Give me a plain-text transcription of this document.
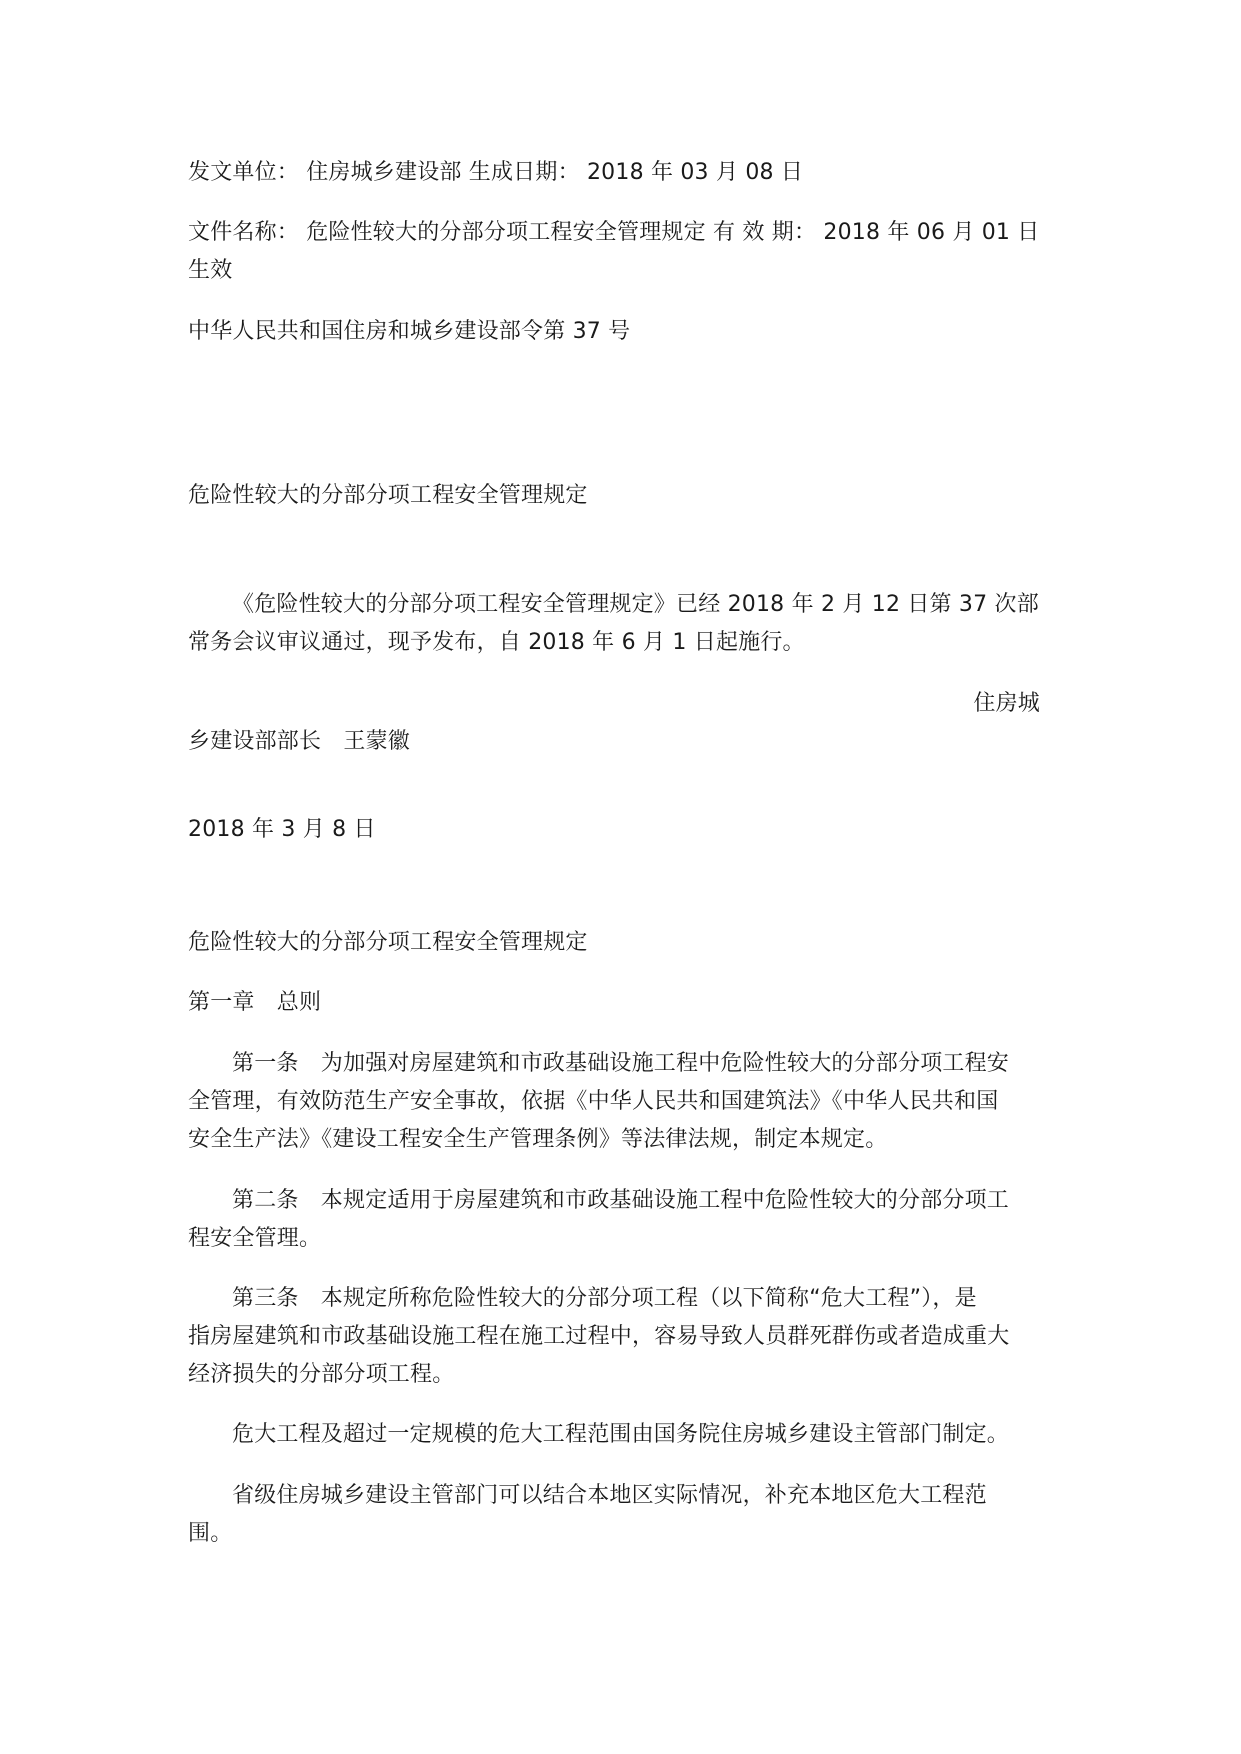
发文单位： 住房城乡建设部 生成日期： 2018 年 03 月 08 日
文件名称： 危险性较大的分部分项工程安全管理规定 有 效 期： 2018 年 06 月 01 日
生效
中华人民共和国住房和城乡建设部令第 37 号
危险性较大的分部分项工程安全管理规定
《危险性较大的分部分项工程安全管理规定》已经 2018 年 2 月 12 日第 37 次部
常务会议审议通过，现予发布，自 2018 年 6 月 1 日起施行。
住房城
乡建设部部长　王蒙徽
2018 年 3 月 8 日
危险性较大的分部分项工程安全管理规定
第一章　总则
第一条　为加强对房屋建筑和市政基础设施工程中危险性较大的分部分项工程安
全管理，有效防范生产安全事故，依据《中华人民共和国建筑法》《中华人民共和国
安全生产法》《建设工程安全生产管理条例》等法律法规，制定本规定。
第二条　本规定适用于房屋建筑和市政基础设施工程中危险性较大的分部分项工
程安全管理。
第三条　本规定所称危险性较大的分部分项工程（以下简称“危大工程”），是
指房屋建筑和市政基础设施工程在施工过程中，容易导致人员群死群伤或者造成重大
经济损失的分部分项工程。
危大工程及超过一定规模的危大工程范围由国务院住房城乡建设主管部门制定。
省级住房城乡建设主管部门可以结合本地区实际情况，补充本地区危大工程范
围。
